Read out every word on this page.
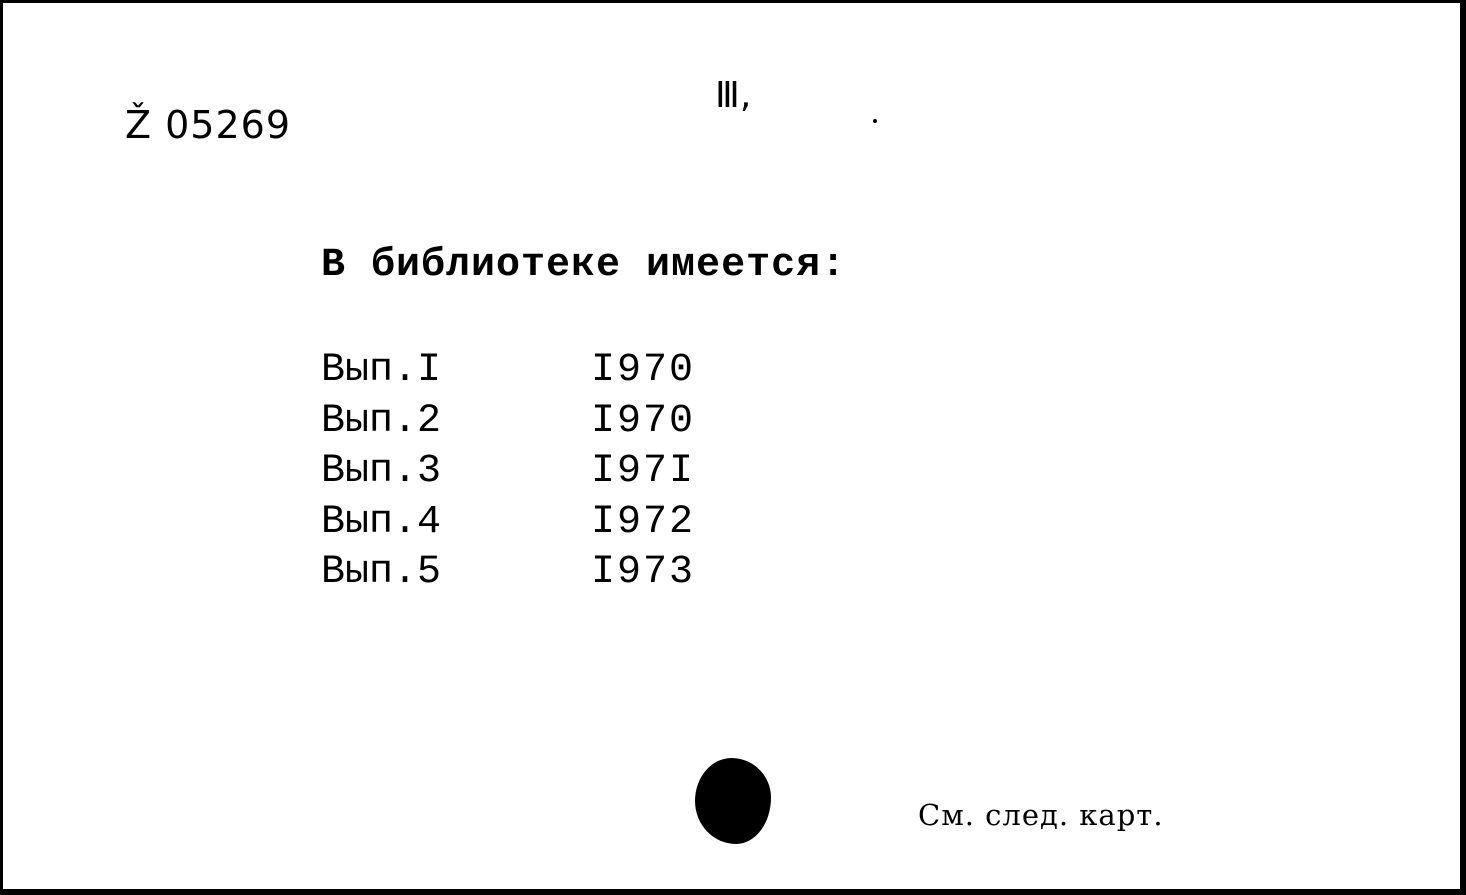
Ž 05269
Ⅲ,
В библиотеке имеется:
Вып.I	I970
Вып.2	I970
Вып.3	I97I
Вып.4	I972
Вып.5	I973
См. след. карт.
